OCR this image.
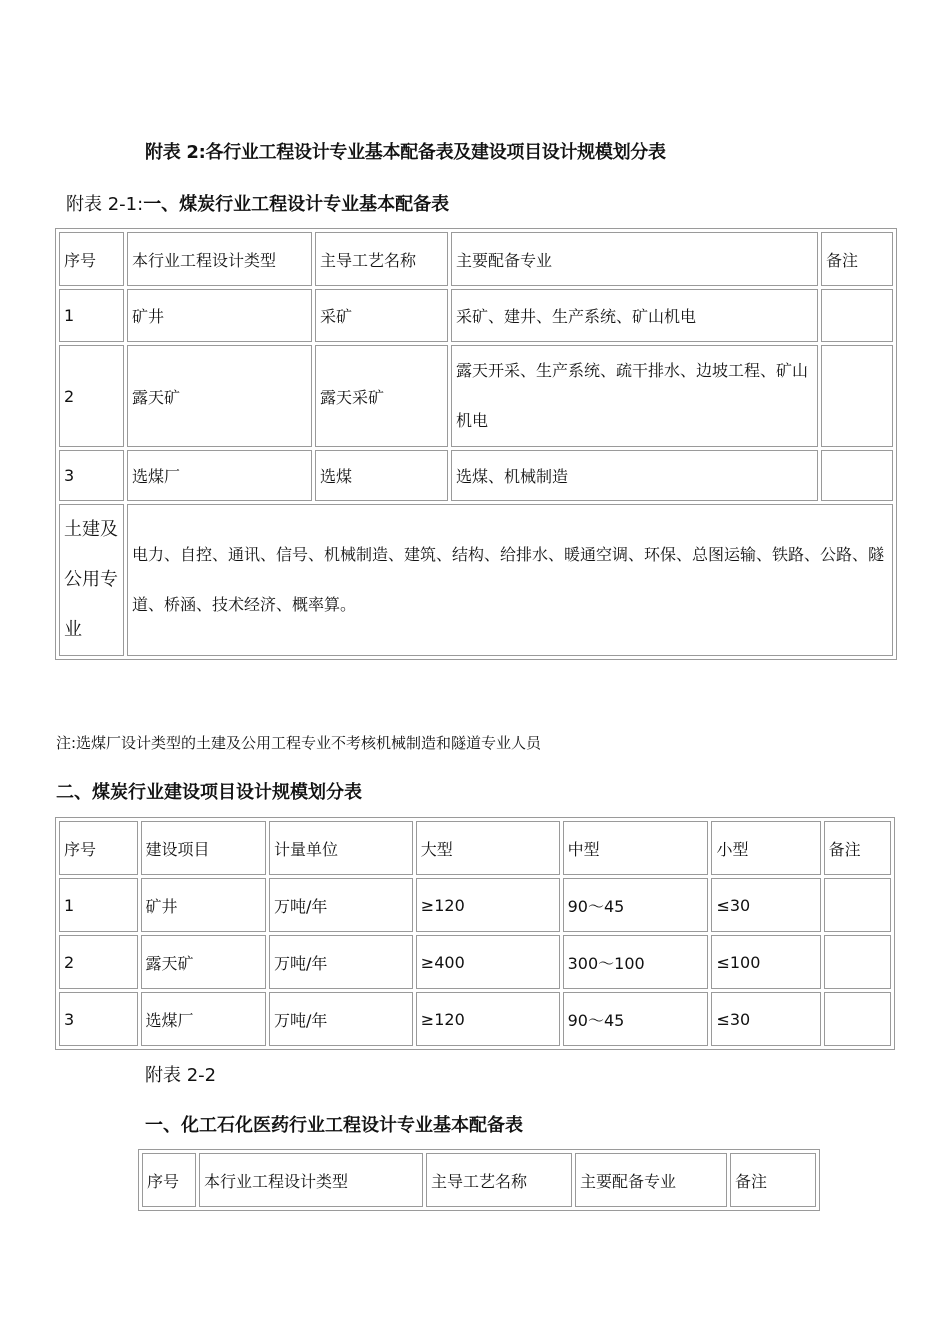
附表 2:各行业工程设计专业基本配备表及建设项目设计规模划分表
附表 2-1:一、煤炭行业工程设计专业基本配备表
序号	本行业工程设计类型	主导工艺名称	主要配备专业	备注
1	矿井	采矿	采矿、建井、生产系统、矿山机电	
2	露天矿	露天采矿	露天开采、生产系统、疏干排水、边坡工程、矿山机电	
3	选煤厂	选煤	选煤、机械制造	
土建及公用专业	电力、自控、通讯、信号、机械制造、建筑、结构、给排水、暖通空调、环保、总图运输、铁路、公路、隧道、桥涵、技术经济、概率算。			
注:选煤厂设计类型的土建及公用工程专业不考核机械制造和隧道专业人员
二、煤炭行业建设项目设计规模划分表
序号	建设项目	计量单位	大型	中型	小型	备注
1	矿井	万吨/年	≥120	90～45	≤30	
2	露天矿	万吨/年	≥400	300～100	≤100	
3	选煤厂	万吨/年	≥120	90～45	≤30	
附表 2-2
一、化工石化医药行业工程设计专业基本配备表
序号	本行业工程设计类型	主导工艺名称	主要配备专业	备注
